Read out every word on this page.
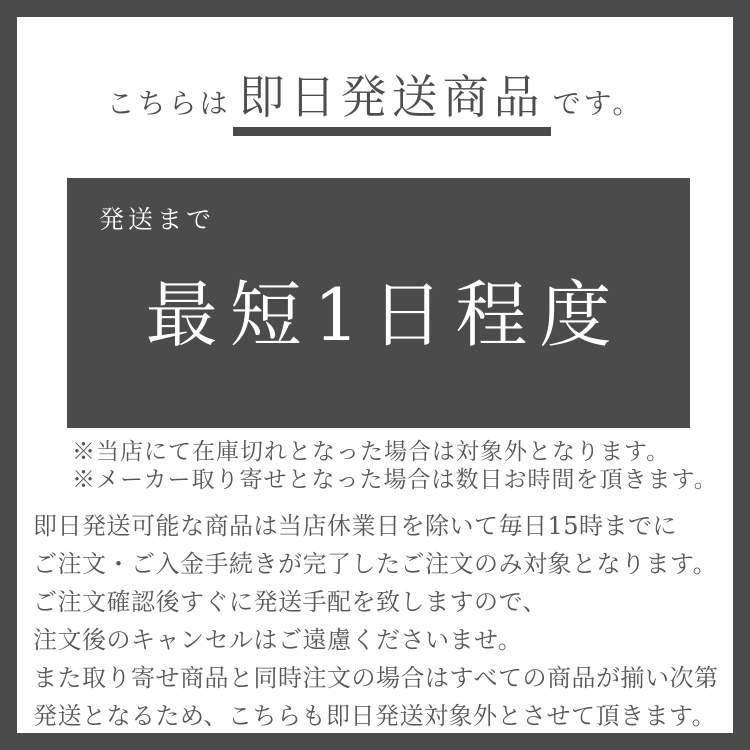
こちらは 即日発送商品 です。
発送まで
最短1日程度
※当店にて在庫切れとなった場合は対象外となります。
※メーカー取り寄せとなった場合は数日お時間を頂きます。
即日発送可能な商品は当店休業日を除いて毎日15時までに
ご注文・ご入金手続きが完了したご注文のみ対象となります。
ご注文確認後すぐに発送手配を致しますので、
注文後のキャンセルはご遠慮くださいませ。
また取り寄せ商品と同時注文の場合はすべての商品が揃い次第
発送となるため、こちらも即日発送対象外とさせて頂きます。
